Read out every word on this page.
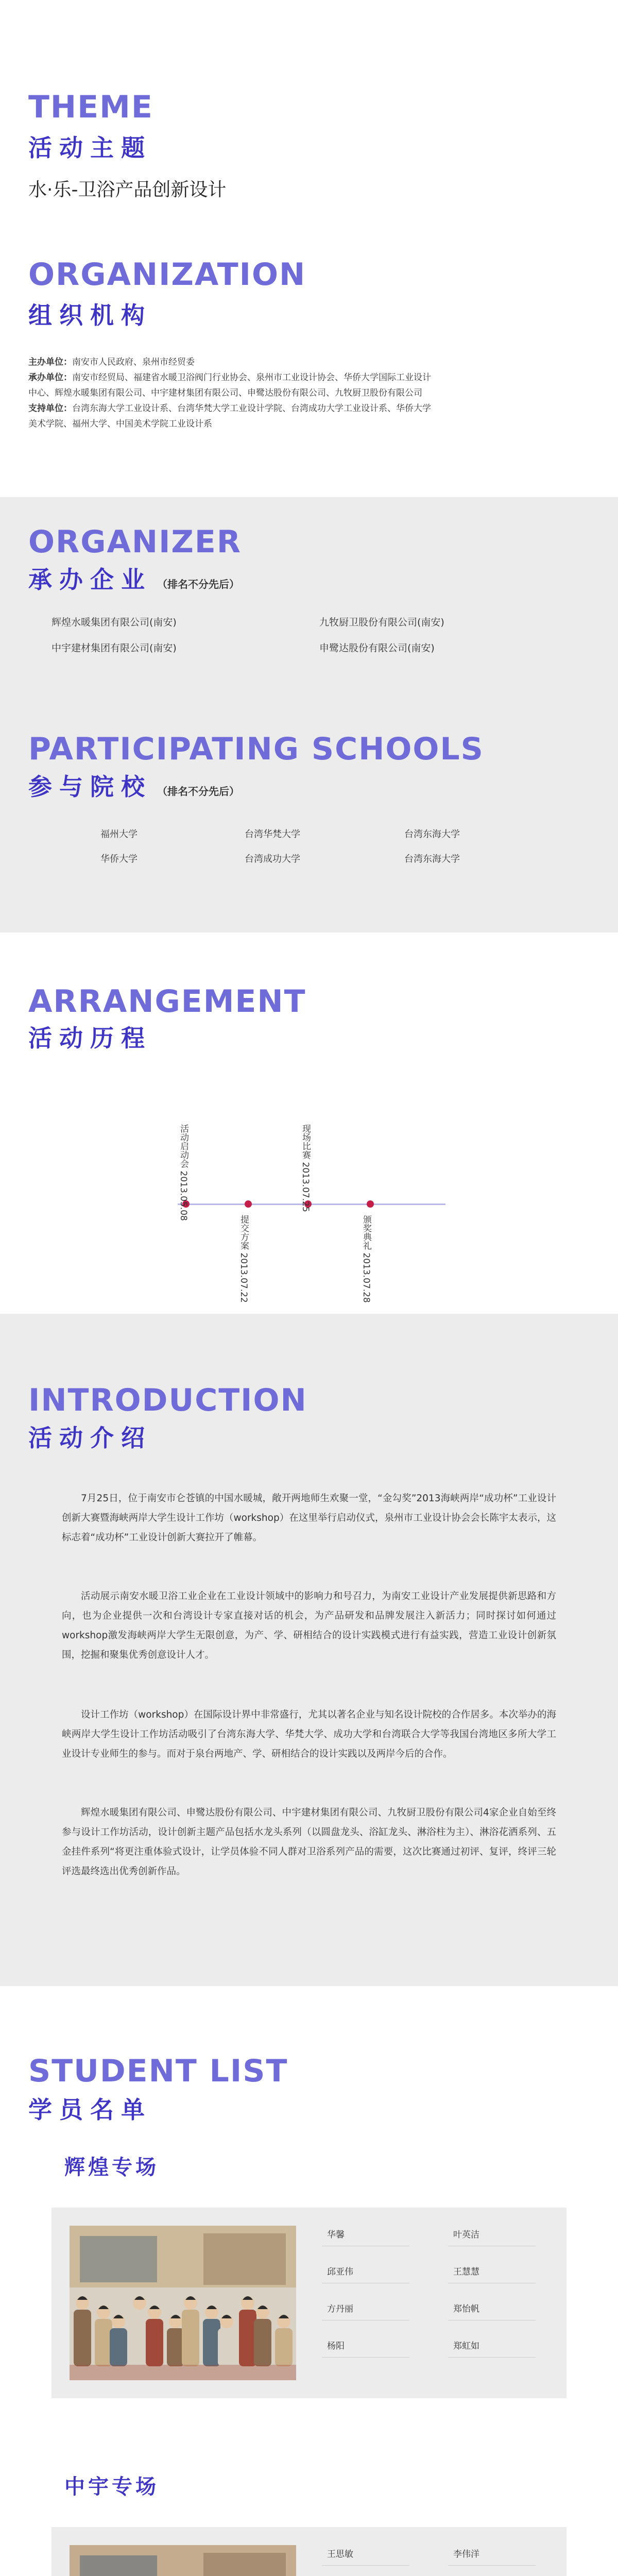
THEME
活动主题
水·乐-卫浴产品创新设计
ORGANIZATION
组织机构
主办单位：南安市人民政府、泉州市经贸委
承办单位：南安市经贸局、福建省水暖卫浴阀门行业协会、泉州市工业设计协会、华侨大学国际工业设计
中心、辉煌水暖集团有限公司、中宇建材集团有限公司、申鹭达股份有限公司、九牧厨卫股份有限公司
支持单位：台湾东海大学工业设计系、台湾华梵大学工业设计学院、台湾成功大学工业设计系、华侨大学
美术学院、福州大学、中国美术学院工业设计系
ORGANIZER
承办企业 （排名不分先后）
辉煌水暖集团有限公司(南安)	九牧厨卫股份有限公司(南安)
中宇建材集团有限公司(南安)	申鹭达股份有限公司(南安)
PARTICIPATING SCHOOLS
参与院校 （排名不分先后）
福州大学	台湾华梵大学	台湾东海大学
华侨大学	台湾成功大学	台湾东海大学
ARRANGEMENT
活动历程
活动启动会 2013.05.08
提交方案 2013.07.22
现场比赛 2013.07.25
颁奖典礼 2013.07.28
INTRODUCTION
活动介绍

7月25日，位于南安市仑苍镇的中国水暖城，敞开两地师生欢聚一堂，“金勾奖”2013海峡两岸“成功杯”工业设计创新大赛暨海峡两岸大学生设计工作坊（workshop）在这里举行启动仪式，泉州市工业设计协会会长陈宇太表示，这标志着“成功杯”工业设计创新大赛拉开了帷幕。

活动展示南安水暖卫浴工业企业在工业设计领域中的影响力和号召力，为南安工业设计产业发展提供新思路和方向，也为企业提供一次和台湾设计专家直接对话的机会，为产品研发和品牌发展注入新活力；同时探讨如何通过workshop激发海峡两岸大学生无限创意，为产、学、研相结合的设计实践模式进行有益实践，营造工业设计创新氛围，挖掘和聚集优秀创意设计人才。

设计工作坊（workshop）在国际设计界中非常盛行，尤其以著名企业与知名设计院校的合作居多。本次举办的海峡两岸大学生设计工作坊活动吸引了台湾东海大学、华梵大学、成功大学和台湾联合大学等我国台湾地区多所大学工业设计专业师生的参与。而对于泉台两地产、学、研相结合的设计实践以及两岸今后的合作。

辉煌水暖集团有限公司、申鹭达股份有限公司、中宇建材集团有限公司、九牧厨卫股份有限公司4家企业自始至终参与设计工作坊活动，设计创新主题产品包括水龙头系列（以圆盘龙头、浴缸龙头、淋浴柱为主）、淋浴花洒系列、五金挂件系列“将更注重体验式设计，让学员体验不同人群对卫浴系列产品的需要，这次比赛通过初评、复评，终评三轮评选最终选出优秀创新作品。

STUDENT LIST
学员名单
辉煌专场
华馨	叶英洁
邱亚伟	王慧慧
方丹丽	郑怡帆
杨阳	郑虹如
中宇专场
王思敏	李伟洋
